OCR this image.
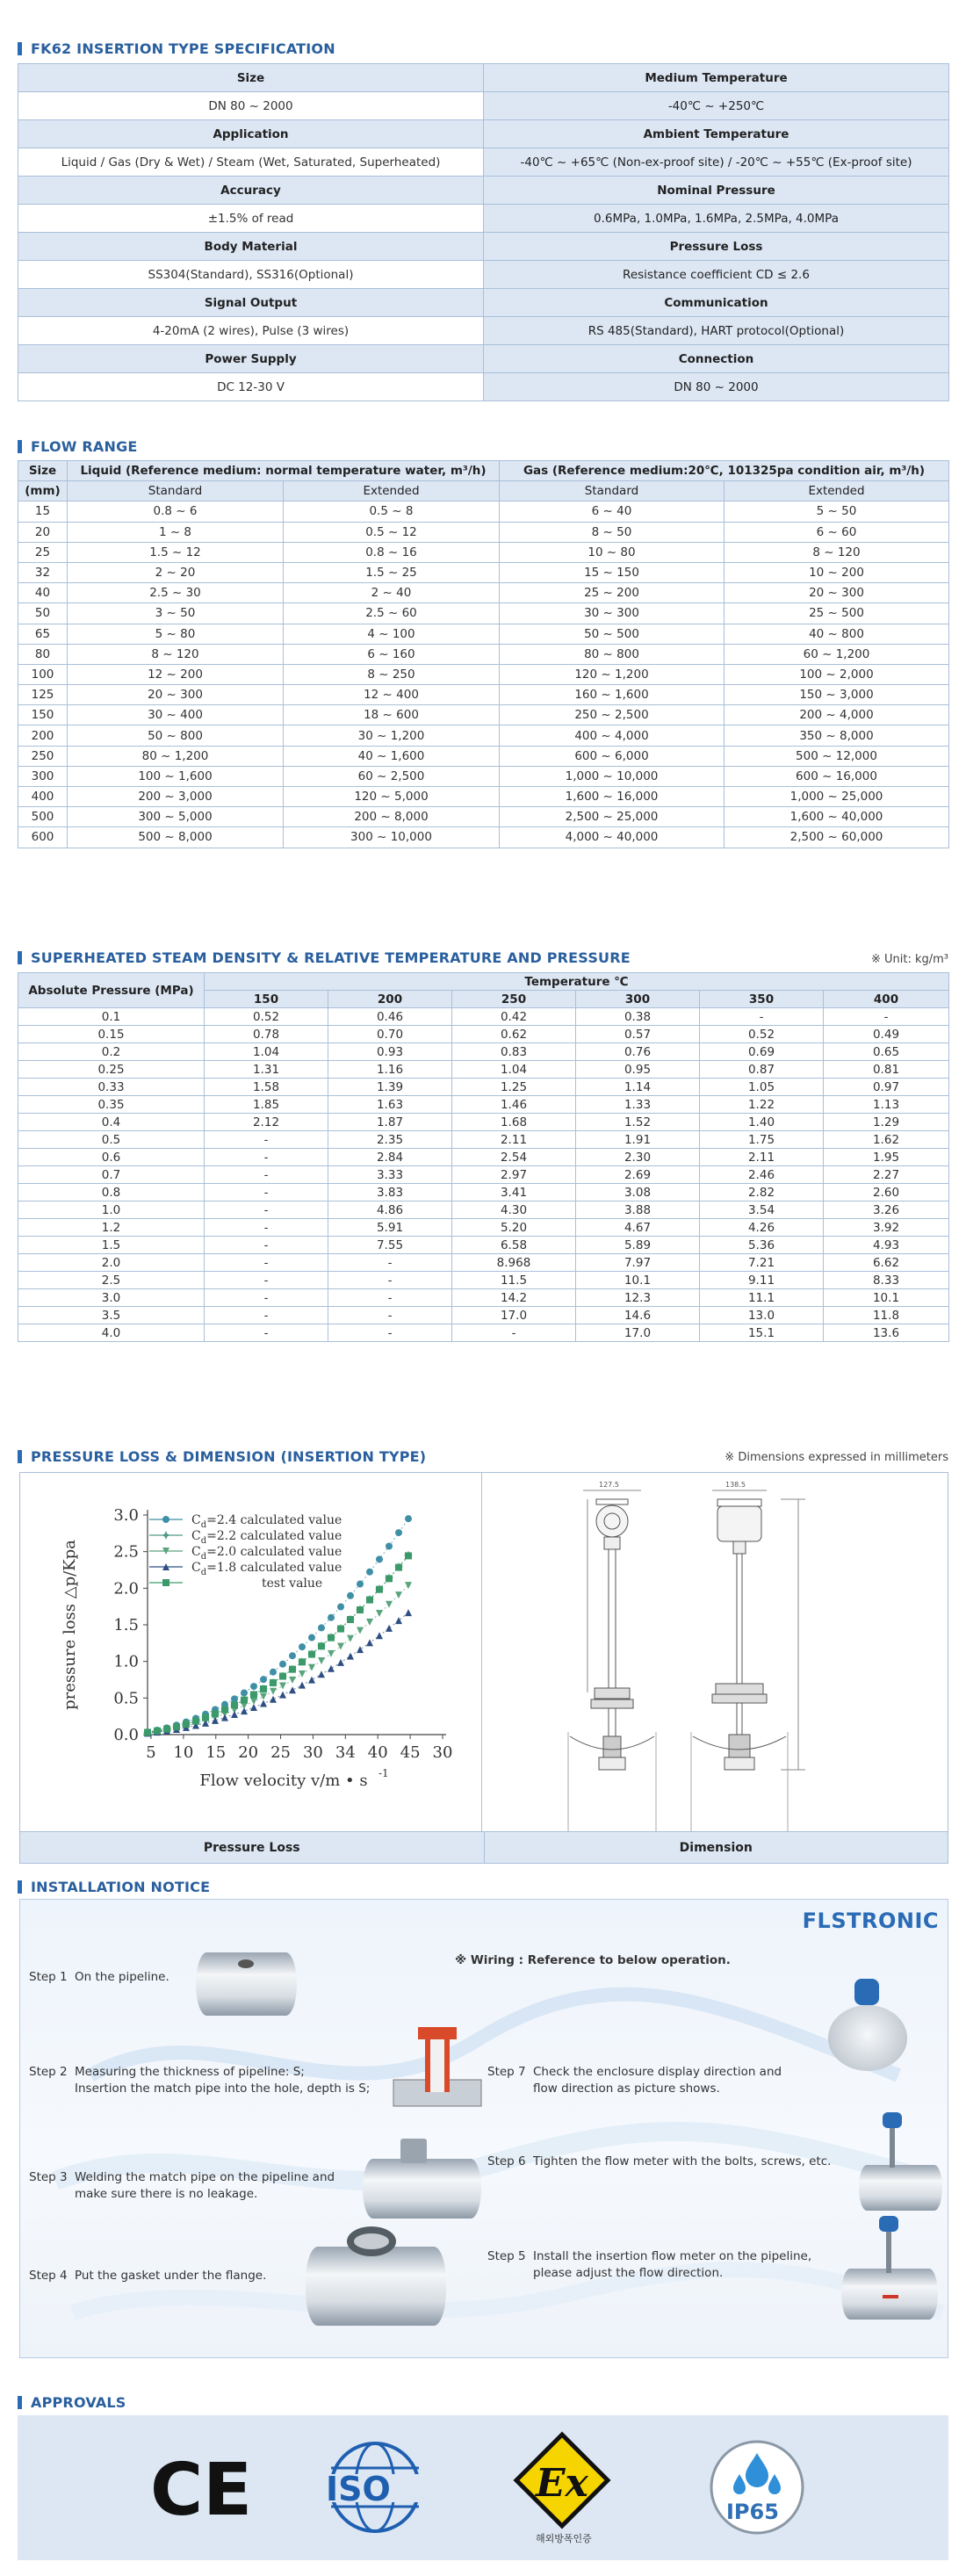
FK62 INSERTION TYPE SPECIFICATION
Size	Medium Temperature
DN 80 ~ 2000	-40℃ ~ +250℃
Application	Ambient Temperature
Liquid / Gas (Dry & Wet) / Steam (Wet, Saturated, Superheated)	-40℃ ~ +65℃ (Non-ex-proof site) / -20℃ ~ +55℃ (Ex-proof site)
Accuracy	Nominal Pressure
±1.5% of read	0.6MPa, 1.0MPa, 1.6MPa, 2.5MPa, 4.0MPa
Body Material	Pressure Loss
SS304(Standard), SS316(Optional)	Resistance coefficient CD ≤ 2.6
Signal Output	Communication
4-20mA (2 wires), Pulse (3 wires)	RS 485(Standard), HART protocol(Optional)
Power Supply	Connection
DC 12-30 V	DN 80 ~ 2000
FLOW RANGE
Size	Liquid (Reference medium: normal temperature water, m³/h)		Gas (Reference medium:20℃, 101325pa condition air, m³/h)	
(mm)	Standard	Extended	Standard	Extended
15	0.8 ~ 6	0.5 ~ 8	6 ~ 40	5 ~ 50
20	1 ~ 8	0.5 ~ 12	8 ~ 50	6 ~ 60
25	1.5 ~ 12	0.8 ~ 16	10 ~ 80	8 ~ 120
32	2 ~ 20	1.5 ~ 25	15 ~ 150	10 ~ 200
40	2.5 ~ 30	2 ~ 40	25 ~ 200	20 ~ 300
50	3 ~ 50	2.5 ~ 60	30 ~ 300	25 ~ 500
65	5 ~ 80	4 ~ 100	50 ~ 500	40 ~ 800
80	8 ~ 120	6 ~ 160	80 ~ 800	60 ~ 1,200
100	12 ~ 200	8 ~ 250	120 ~ 1,200	100 ~ 2,000
125	20 ~ 300	12 ~ 400	160 ~ 1,600	150 ~ 3,000
150	30 ~ 400	18 ~ 600	250 ~ 2,500	200 ~ 4,000
200	50 ~ 800	30 ~ 1,200	400 ~ 4,000	350 ~ 8,000
250	80 ~ 1,200	40 ~ 1,600	600 ~ 6,000	500 ~ 12,000
300	100 ~ 1,600	60 ~ 2,500	1,000 ~ 10,000	600 ~ 16,000
400	200 ~ 3,000	120 ~ 5,000	1,600 ~ 16,000	1,000 ~ 25,000
500	300 ~ 5,000	200 ~ 8,000	2,500 ~ 25,000	1,600 ~ 40,000
600	500 ~ 8,000	300 ~ 10,000	4,000 ~ 40,000	2,500 ~ 60,000
SUPERHEATED STEAM DENSITY & RELATIVE TEMPERATURE AND PRESSURE	※ Unit: kg/m³
Absolute Pressure (MPa)	Temperature ℃					
	150	200	250	300	350	400
0.1	0.52	0.46	0.42	0.38	-	-
0.15	0.78	0.70	0.62	0.57	0.52	0.49
0.2	1.04	0.93	0.83	0.76	0.69	0.65
0.25	1.31	1.16	1.04	0.95	0.87	0.81
0.33	1.58	1.39	1.25	1.14	1.05	0.97
0.35	1.85	1.63	1.46	1.33	1.22	1.13
0.4	2.12	1.87	1.68	1.52	1.40	1.29
0.5	-	2.35	2.11	1.91	1.75	1.62
0.6	-	2.84	2.54	2.30	2.11	1.95
0.7	-	3.33	2.97	2.69	2.46	2.27
0.8	-	3.83	3.41	3.08	2.82	2.60
1.0	-	4.86	4.30	3.88	3.54	3.26
1.2	-	5.91	5.20	4.67	4.26	3.92
1.5	-	7.55	6.58	5.89	5.36	4.93
2.0	-	-	8.968	7.97	7.21	6.62
2.5	-	-	11.5	10.1	9.11	8.33
3.0	-	-	14.2	12.3	11.1	10.1
3.5	-	-	17.0	14.6	13.0	11.8
4.0	-	-	-	17.0	15.1	13.6
PRESSURE LOSS & DIMENSION (INSERTION TYPE)	※ Dimensions expressed in millimeters
0.0
0.5
1.0
1.5
2.0
2.5
3.0
5 10 15 20 25 30 34 40 45 30
pressure loss △p/Kpa
Flow velocity v/m • s -1
$C_d=2.4$ calculated value
$C_d=2.2$ calculated value
$C_d=2.0$ calculated value
$C_d=1.8$ calculated value
test value
127.5	138.5
Pressure Loss	Dimension
INSTALLATION NOTICE
FLSTRONIC
※ Wiring : Reference to below operation.
Step 1 On the pipeline.
Step 2 Measuring the thickness of pipeline: S;
Insertion the match pipe into the hole, depth is S;
Step 3 Welding the match pipe on the pipeline and
make sure there is no leakage.
Step 4 Put the gasket under the flange.
Step 7 Check the enclosure display direction and
flow direction as picture shows.
Step 6 Tighten the flow meter with the bolts, screws, etc.
Step 5 Install the insertion flow meter on the pipeline,
please adjust the flow direction.
APPROVALS
CE ISO	Ex
해외방폭인증
IP65
